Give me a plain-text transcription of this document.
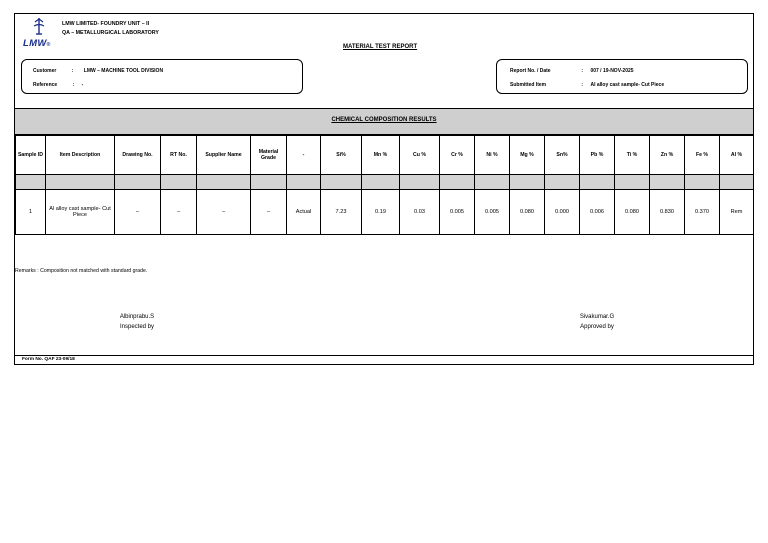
LMW®
LMW LIMITED- FOUNDRY UNIT – II
QA – METALLURGICAL LABORATORY
MATERIAL TEST REPORT
Customer	: LMW – MACHINE TOOL DIVISION
Reference	: -
Report No. / Date	: 007 / 19-NOV-2025
Submitted Item	: Al alloy cast sample- Cut Piece
CHEMICAL COMPOSITION RESULTS
Sample ID	Item Description	Drawing No.	RT No.	Supplier Name	Material Grade	-	Si%	Mn %	Cu %	Cr %	Ni %	Mg %	Sn%	Pb %	Ti %	Zn %	Fe %	Al %

1	Al alloy cast sample- Cut Piece	–	–	–	–	Actual	7.23	0.19	0.03	0.005	0.005	0.080	0.000	0.006	0.080	0.830	0.370	Rem
Remarks : Composition not matched with standard grade.
Albinprabu.S
Inspected by
Sivakumar.G
Approved by
Form No. QAF 23-09/18
